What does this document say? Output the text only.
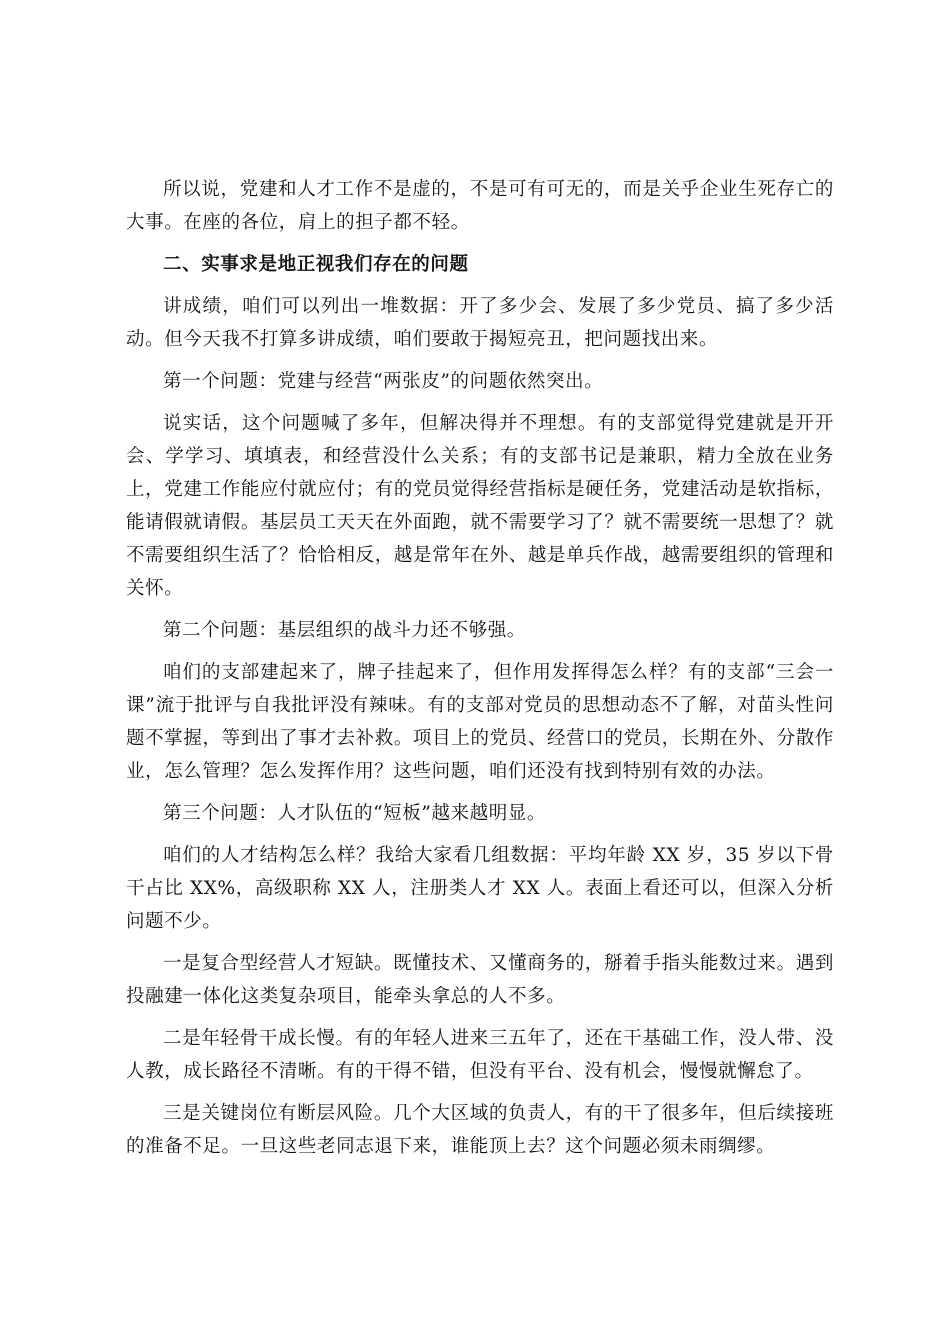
所以说，党建和人才工作不是虚的，不是可有可无的，而是关乎企业生死存亡的大事。在座的各位，肩上的担子都不轻。

二、实事求是地正视我们存在的问题

讲成绩，咱们可以列出一堆数据：开了多少会、发展了多少党员、搞了多少活动。但今天我不打算多讲成绩，咱们要敢于揭短亮丑，把问题找出来。

第一个问题：党建与经营“两张皮”的问题依然突出。

说实话，这个问题喊了多年，但解决得并不理想。有的支部觉得党建就是开开会、学学习、填填表，和经营没什么关系；有的支部书记是兼职，精力全放在业务上，党建工作能应付就应付；有的党员觉得经营指标是硬任务，党建活动是软指标，能请假就请假。基层员工天天在外面跑，就不需要学习了？就不需要统一思想了？就不需要组织生活了？恰恰相反，越是常年在外、越是单兵作战，越需要组织的管理和关怀。

第二个问题：基层组织的战斗力还不够强。

咱们的支部建起来了，牌子挂起来了，但作用发挥得怎么样？有的支部“三会一课”流于批评与自我批评没有辣味。有的支部对党员的思想动态不了解，对苗头性问题不掌握，等到出了事才去补救。项目上的党员、经营口的党员，长期在外、分散作业，怎么管理？怎么发挥作用？这些问题，咱们还没有找到特别有效的办法。

第三个问题：人才队伍的“短板”越来越明显。

咱们的人才结构怎么样？我给大家看几组数据：平均年龄 XX 岁，35 岁以下骨干占比 XX%，高级职称 XX 人，注册类人才 XX 人。表面上看还可以，但深入分析问题不少。

一是复合型经营人才短缺。既懂技术、又懂商务的，掰着手指头能数过来。遇到投融建一体化这类复杂项目，能牵头拿总的人不多。

二是年轻骨干成长慢。有的年轻人进来三五年了，还在干基础工作，没人带、没人教，成长路径不清晰。有的干得不错，但没有平台、没有机会，慢慢就懈怠了。

三是关键岗位有断层风险。几个大区域的负责人，有的干了很多年，但后续接班的准备不足。一旦这些老同志退下来，谁能顶上去？这个问题必须未雨绸缪。
